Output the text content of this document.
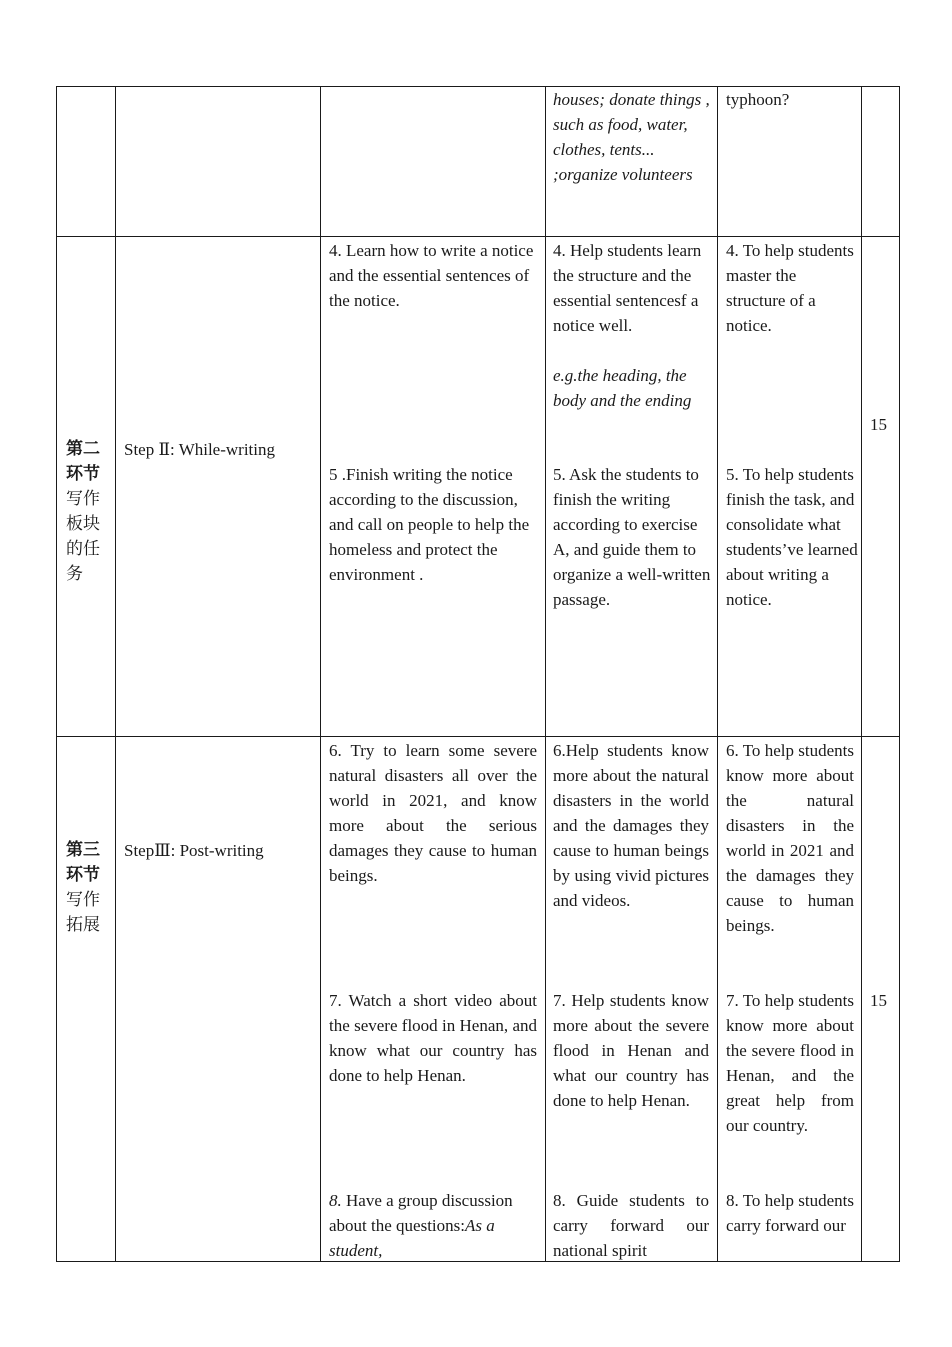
houses; donate things , such as food, water, clothes, tents... ;organize volunteers
typhoon?
第二环节
写作板块的任务
Step Ⅱ: While-writing
4. Learn how to write a notice and the essential sentences of the notice.
4. Help students learn the structure and the essential sentencesf a notice well.
e.g.the heading, the body and the ending
4. To help students master the structure of a notice.
15
5 .Finish writing the notice according to the discussion, and call on people to help the homeless and protect the environment .
5. Ask the students to finish the writing according to exercise A, and guide them to organize a well-written passage.
5. To help students finish the task, and consolidate what students’ve learned about writing a notice.
第三环节
写作拓展
StepⅢ: Post-writing
6. Try to learn some severe natural disasters all over the world in 2021, and know more about the serious damages they cause to human beings.
6.Help students know more about the natural disasters in the world and the damages they cause to human beings by using vivid pictures and videos.
6. To help students know more about the natural disasters in the world in 2021 and the damages they cause to human beings.
7. Watch a short video about the severe flood in Henan, and know what our country has done to help Henan.
7. Help students know more about the severe flood in Henan and what our country has done to help Henan.
7. To help students know more about the severe flood in Henan, and the great help from our country.
15
8. Have a group discussion about the questions:As a student,
8. Guide students to carry forward our national spirit
8. To help students carry forward our
